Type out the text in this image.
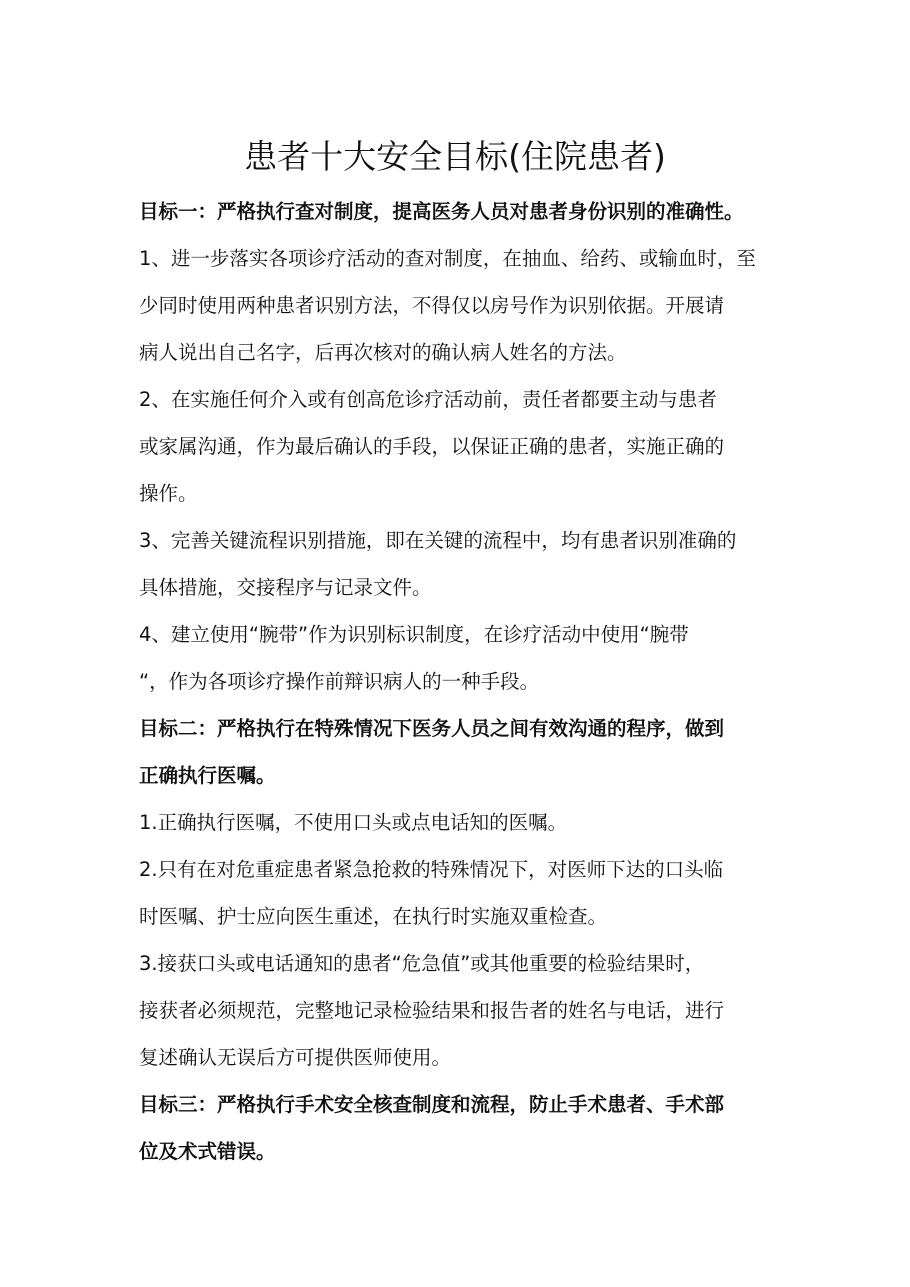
患者十大安全目标(住院患者)

目标一：严格执行查对制度，提高医务人员对患者身份识别的准确性。

1、进一步落实各项诊疗活动的查对制度，在抽血、给药、或输血时，至

少同时使用两种患者识别方法，不得仅以房号作为识别依据。开展请

病人说出自己名字，后再次核对的确认病人姓名的方法。

2、在实施任何介入或有创高危诊疗活动前，责任者都要主动与患者

或家属沟通，作为最后确认的手段，以保证正确的患者，实施正确的

操作。

3、完善关键流程识别措施，即在关键的流程中，均有患者识别准确的

具体措施，交接程序与记录文件。

4、建立使用“腕带”作为识别标识制度，在诊疗活动中使用“腕带

“，作为各项诊疗操作前辩识病人的一种手段。

目标二：严格执行在特殊情况下医务人员之间有效沟通的程序，做到

正确执行医嘱。

1.正确执行医嘱，不使用口头或点电话知的医嘱。

2.只有在对危重症患者紧急抢救的特殊情况下，对医师下达的口头临

时医嘱、护士应向医生重述，在执行时实施双重检查。

3.接获口头或电话通知的患者“危急值”或其他重要的检验结果时，

接获者必须规范，完整地记录检验结果和报告者的姓名与电话，进行

复述确认无误后方可提供医师使用。

目标三：严格执行手术安全核查制度和流程，防止手术患者、手术部

位及术式错误。
